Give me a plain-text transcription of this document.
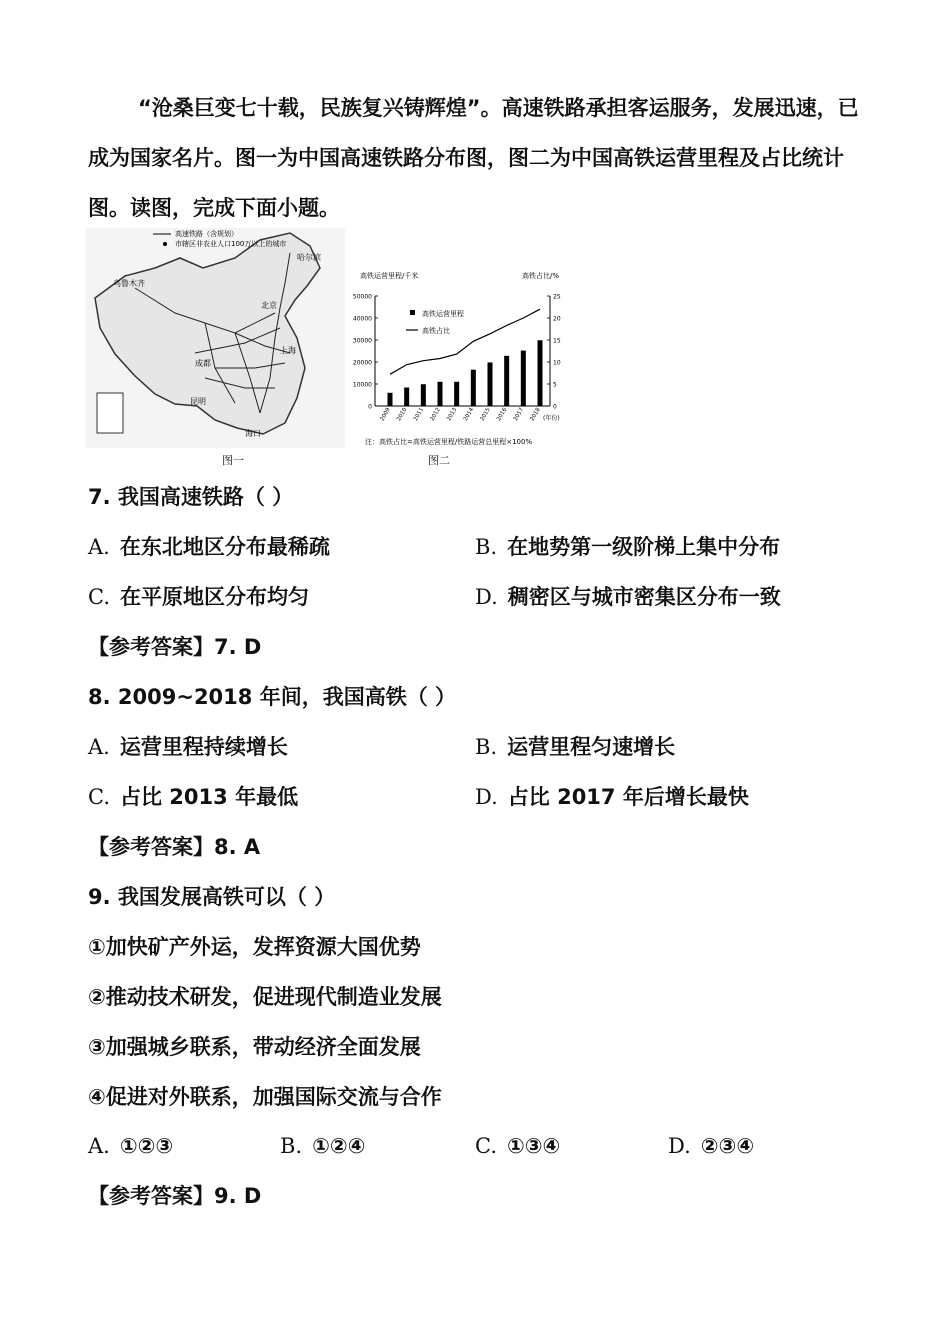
“沧桑巨变七十载，民族复兴铸辉煌”。高速铁路承担客运服务，发展迅速，已成为国家名片。图一为中国高速铁路分布图，图二为中国高铁运营里程及占比统计图。读图，完成下面小题。
高速铁路（含规划）
市辖区非农业人口100万以上的城市
乌鲁木齐
哈尔滨
北京
上海
成都
昆明
海口
图一
高铁运营里程/千米	高铁占比/%
高铁运营里程
高铁占比
注：高铁占比=高铁运营里程/铁路运营总里程×100%
(年份)
0
10000
20000
30000
40000
50000
0
5
10
15
20
25
2009 2010 2011 2012 2013 2014 2015 2016 2017 2018
图二
7. 我国高速铁路（ ）
A. 在东北地区分布最稀疏	B. 在地势第一级阶梯上集中分布
C. 在平原地区分布均匀	D. 稠密区与城市密集区分布一致
【参考答案】7. D
8. 2009~2018 年间，我国高铁（ ）
A. 运营里程持续增长	B. 运营里程匀速增长
C. 占比 2013 年最低	D. 占比 2017 年后增长最快
【参考答案】8. A
9. 我国发展高铁可以（ ）
①加快矿产外运，发挥资源大国优势
②推动技术研发，促进现代制造业发展
③加强城乡联系，带动经济全面发展
④促进对外联系，加强国际交流与合作
A. ①②③	B. ①②④	C. ①③④	D. ②③④
【参考答案】9. D
